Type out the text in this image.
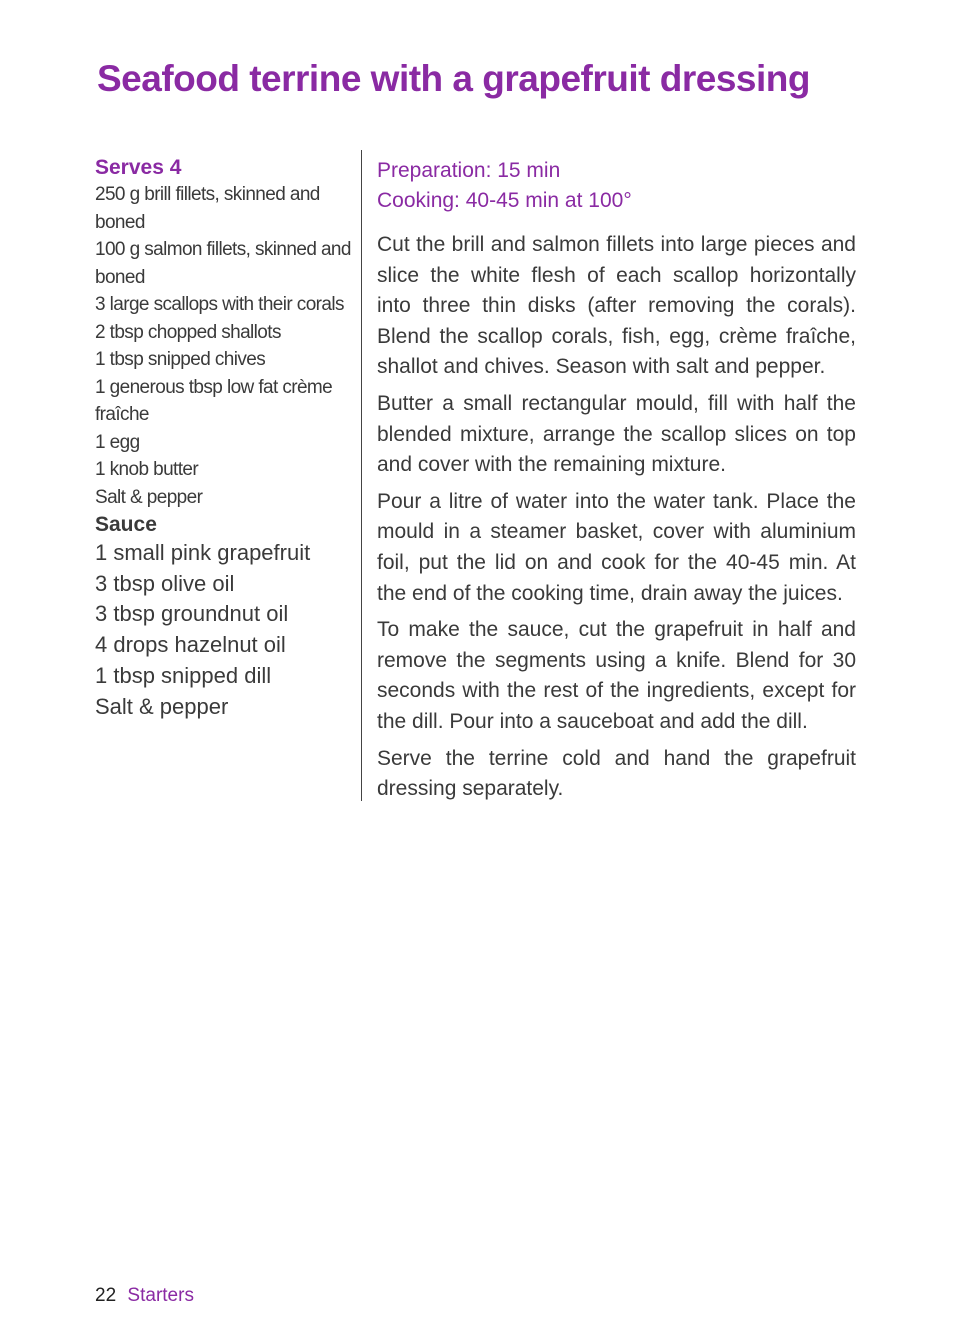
Seafood terrine with a grapefruit dressing

Serves 4

250 g brill fillets, skinned and boned
100 g salmon fillets, skinned and boned
3 large scallops with their corals
2 tbsp chopped shallots
1 tbsp snipped chives
1 generous tbsp low fat crème fraîche
1 egg
1 knob butter
Salt & pepper

Sauce

1 small pink grapefruit
3 tbsp olive oil
3 tbsp groundnut oil
4 drops hazelnut oil
1 tbsp snipped dill
Salt & pepper

Preparation: 15 min

Cooking: 40-45 min at 100°

Cut the brill and salmon fillets into large pieces and slice the white flesh of each scallop horizontally into three thin disks (after removing the corals). Blend the scallop corals, fish, egg, crème fraîche, shallot and chives. Season with salt and pepper.

Butter a small rectangular mould, fill with half the blended mixture, arrange the scallop slices on top and cover with the remaining mixture.

Pour a litre of water into the water tank. Place the mould in a steamer basket, cover with aluminium foil, put the lid on and cook for the 40-45 min. At the end of the cooking time, drain away the juices.

To make the sauce, cut the grapefruit in half and remove the segments using a knife. Blend for 30 seconds with the rest of the ingredients, except for the dill. Pour into a sauceboat and add the dill.

Serve the terrine cold and hand the grapefruit dressing separately.

22 Starters
